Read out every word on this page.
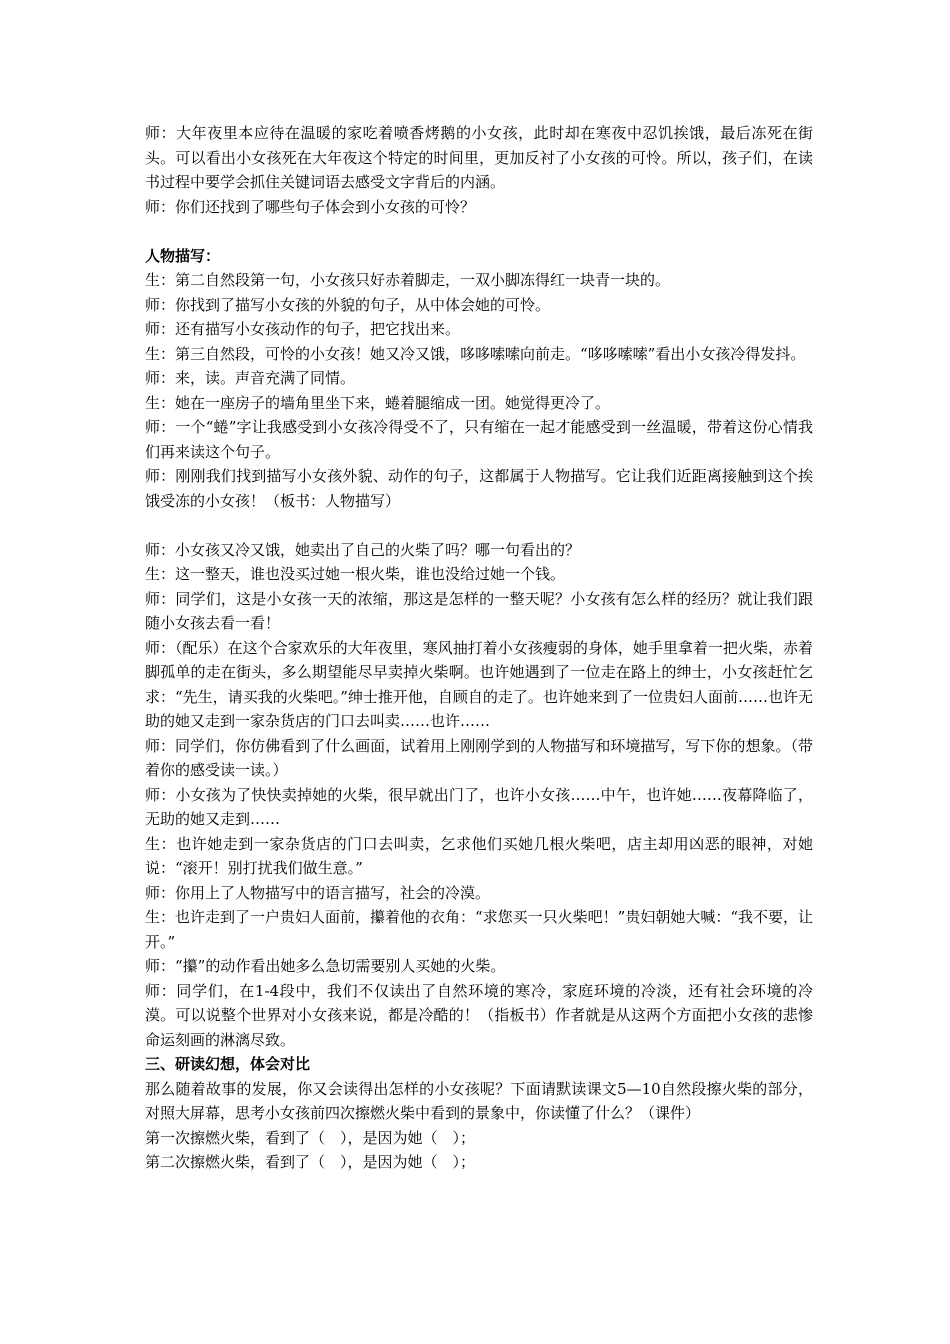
师：大年夜里本应待在温暖的家吃着喷香烤鹅的小女孩，此时却在寒夜中忍饥挨饿，最后冻死在街头。可以看出小女孩死在大年夜这个特定的时间里，更加反衬了小女孩的可怜。所以，孩子们，在读书过程中要学会抓住关键词语去感受文字背后的内涵。

师：你们还找到了哪些句子体会到小女孩的可怜？

人物描写：

生：第二自然段第一句，小女孩只好赤着脚走，一双小脚冻得红一块青一块的。

师：你找到了描写小女孩的外貌的句子，从中体会她的可怜。

师：还有描写小女孩动作的句子，把它找出来。

生：第三自然段，可怜的小女孩！她又冷又饿，哆哆嗦嗦向前走。“哆哆嗦嗦”看出小女孩冷得发抖。

师：来，读。声音充满了同情。

生：她在一座房子的墙角里坐下来，蜷着腿缩成一团。她觉得更冷了。

师：一个“蜷”字让我感受到小女孩冷得受不了，只有缩在一起才能感受到一丝温暖，带着这份心情我们再来读这个句子。

师：刚刚我们找到描写小女孩外貌、动作的句子，这都属于人物描写。它让我们近距离接触到这个挨饿受冻的小女孩！（板书：人物描写）

师：小女孩又冷又饿，她卖出了自己的火柴了吗？哪一句看出的？

生：这一整天，谁也没买过她一根火柴，谁也没给过她一个钱。

师：同学们，这是小女孩一天的浓缩，那这是怎样的一整天呢？小女孩有怎么样的经历？就让我们跟随小女孩去看一看！

师：（配乐）在这个合家欢乐的大年夜里，寒风抽打着小女孩瘦弱的身体，她手里拿着一把火柴，赤着脚孤单的走在街头，多么期望能尽早卖掉火柴啊。也许她遇到了一位走在路上的绅士，小女孩赶忙乞求：“先生，请买我的火柴吧。”绅士推开他，自顾自的走了。也许她来到了一位贵妇人面前……也许无助的她又走到一家杂货店的门口去叫卖……也许……

师：同学们，你仿佛看到了什么画面，试着用上刚刚学到的人物描写和环境描写，写下你的想象。（带着你的感受读一读。）

师：小女孩为了快快卖掉她的火柴，很早就出门了，也许小女孩……中午，也许她……夜幕降临了，无助的她又走到……

生：也许她走到一家杂货店的门口去叫卖，乞求他们买她几根火柴吧，店主却用凶恶的眼神，对她说：“滚开！别打扰我们做生意。”

师：你用上了人物描写中的语言描写，社会的冷漠。

生：也许走到了一户贵妇人面前，攥着他的衣角：“求您买一只火柴吧！”贵妇朝她大喊：“我不要，让开。”

师：“攥”的动作看出她多么急切需要别人买她的火柴。

师：同学们，在1-4段中，我们不仅读出了自然环境的寒冷，家庭环境的冷淡，还有社会环境的冷漠。可以说整个世界对小女孩来说，都是冷酷的！（指板书）作者就是从这两个方面把小女孩的悲惨命运刻画的淋漓尽致。

三、研读幻想，体会对比

那么随着故事的发展，你又会读得出怎样的小女孩呢？下面请默读课文5—10自然段擦火柴的部分，对照大屏幕，思考小女孩前四次擦燃火柴中看到的景象中，你读懂了什么？（课件）

第一次擦燃火柴，看到了（　），是因为她（　）；

第二次擦燃火柴，看到了（　），是因为她（　）；
